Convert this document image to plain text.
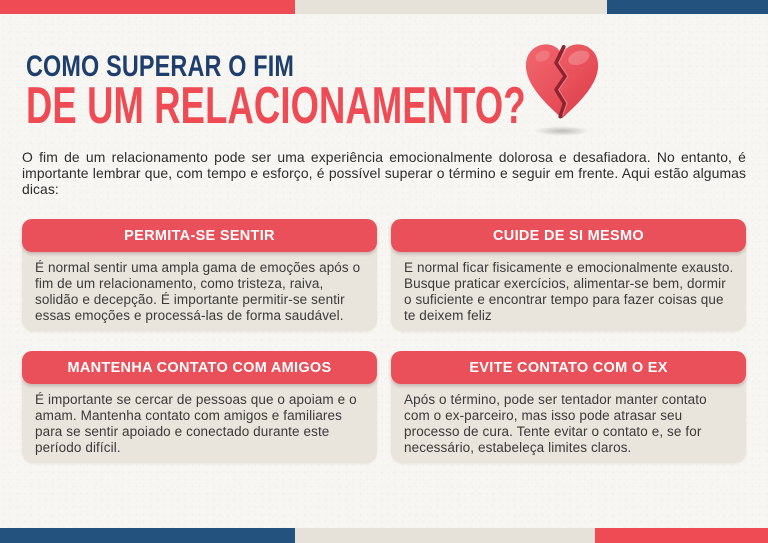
COMO SUPERAR O FIM
DE UM RELACIONAMENTO?

O fim de um relacionamento pode ser uma experiência emocionalmente dolorosa e desafiadora. No entanto, é importante lembrar que, com tempo e esforço, é possível superar o término e seguir em frente. Aqui estão algumas dicas:

PERMITA-SE SENTIR

É normal sentir uma ampla gama de emoções após o fim de um relacionamento, como tristeza, raiva, solidão e decepção. É importante permitir-se sentir essas emoções e processá-las de forma saudável.

CUIDE DE SI MESMO

E normal ficar fisicamente e emocionalmente exausto. Busque praticar exercícios, alimentar-se bem, dormir o suficiente e encontrar tempo para fazer coisas que te deixem feliz

MANTENHA CONTATO COM AMIGOS

É importante se cercar de pessoas que o apoiam e o amam. Mantenha contato com amigos e familiares para se sentir apoiado e conectado durante este período difícil.

EVITE CONTATO COM O EX

Após o término, pode ser tentador manter contato com o ex-parceiro, mas isso pode atrasar seu processo de cura. Tente evitar o contato e, se for necessário, estabeleça limites claros.
